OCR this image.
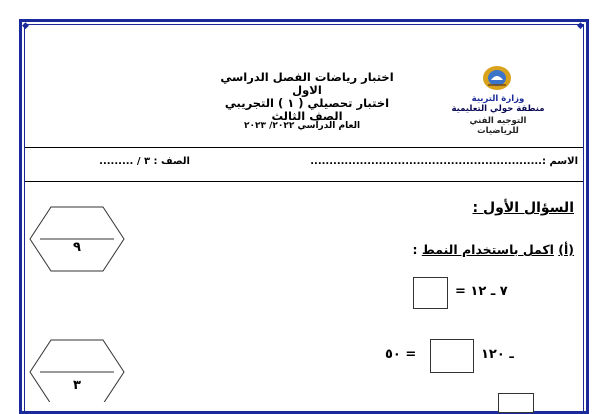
◆	◆
وزارة التربية
منطقة حولي التعليمية
التوجيه الفني للرياضيات
اختبار رياضات الفصل الدراسي الاول
اختبار تحصيلي ( ١ ) التجريبي
الصف الثالث
العام الدراسي ٢٠٢٢/ ٢٠٢٣
الاسم :.............................................................
الصف : ٣ / .........
السؤال الأول :
(أ) اكمل باستخدام النمط :
= ٧ ـ ١٢
٥٠ =	ـ ١٢٠
٩
٣
